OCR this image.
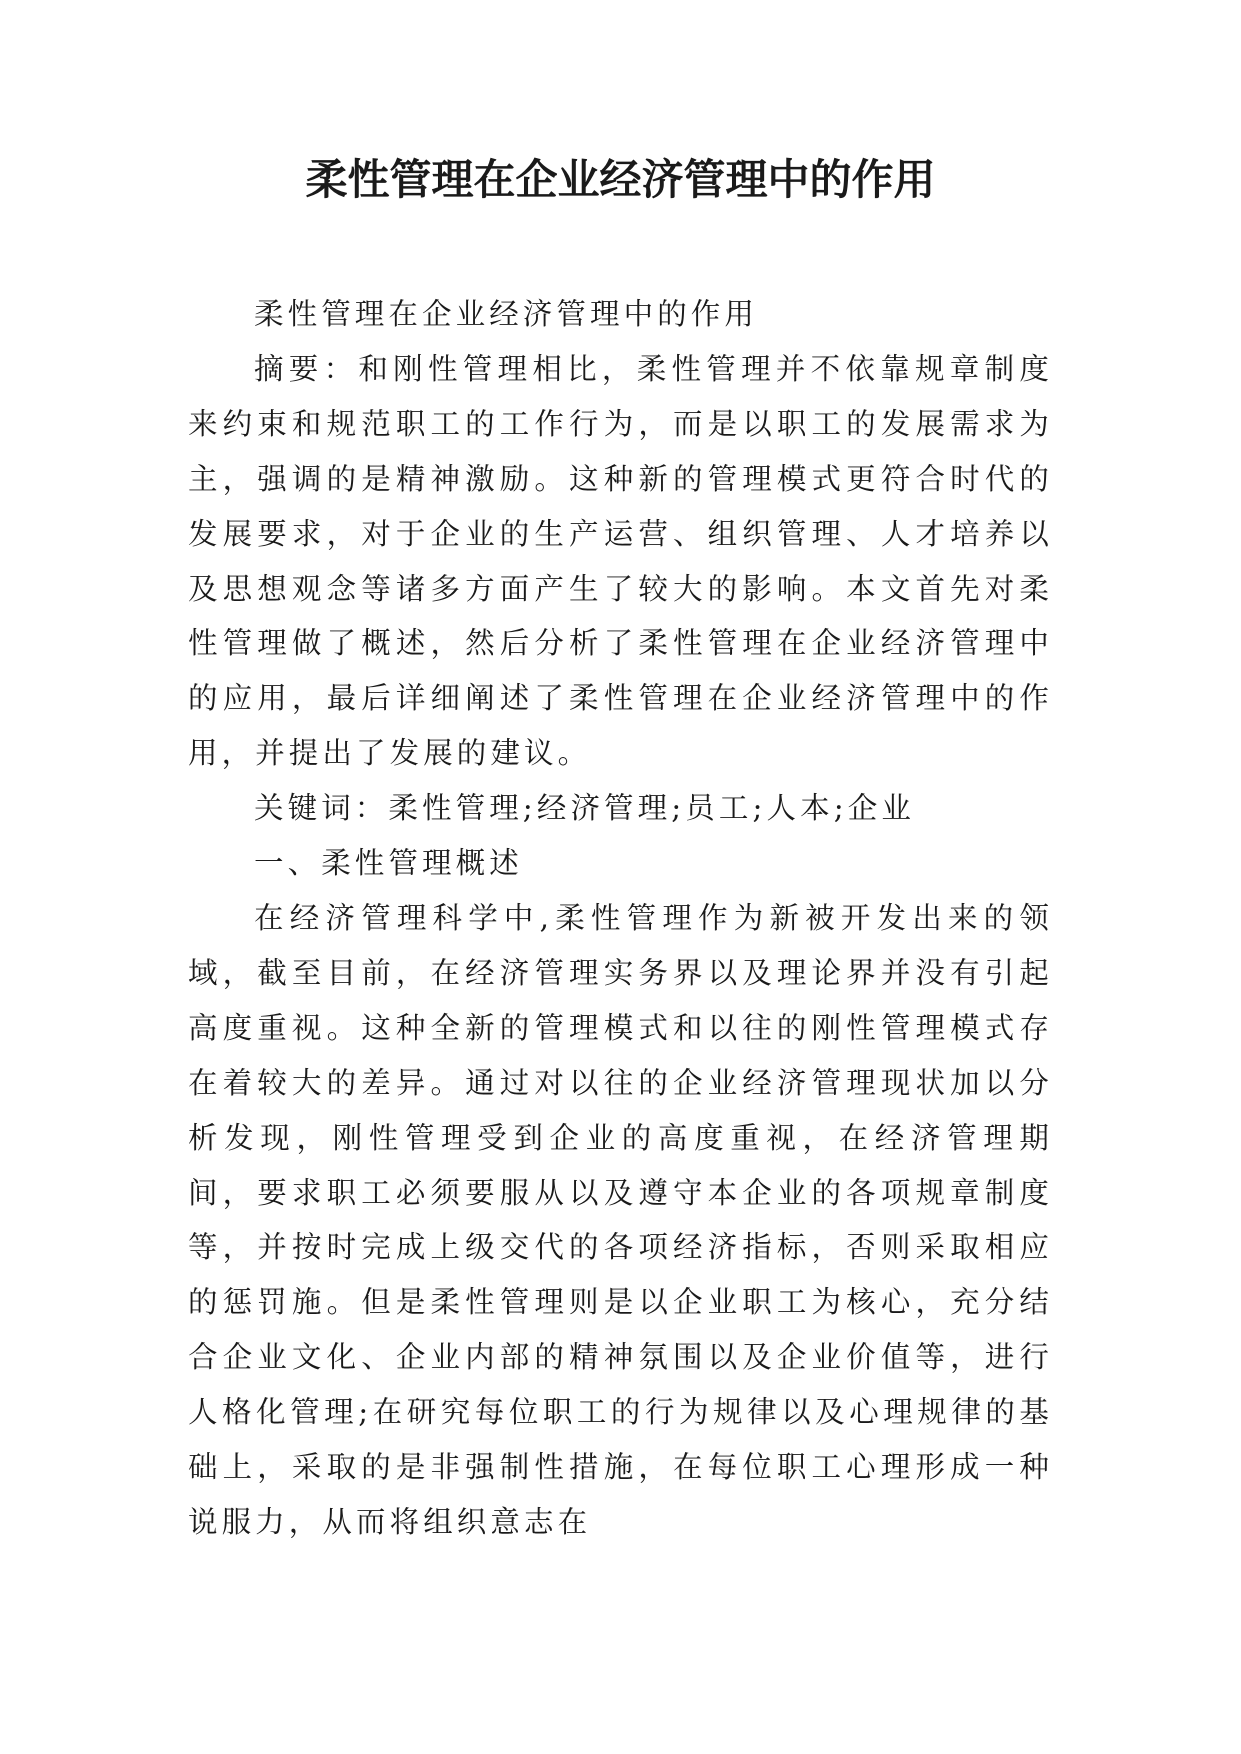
柔性管理在企业经济管理中的作用

柔性管理在企业经济管理中的作用

摘要：和刚性管理相比，柔性管理并不依靠规章制度来约束和规范职工的工作行为，而是以职工的发展需求为主，强调的是精神激励。这种新的管理模式更符合时代的发展要求，对于企业的生产运营、组织管理、人才培养以及思想观念等诸多方面产生了较大的影响。本文首先对柔性管理做了概述，然后分析了柔性管理在企业经济管理中的应用，最后详细阐述了柔性管理在企业经济管理中的作用，并提出了发展的建议。

关键词：柔性管理;经济管理;员工;人本;企业

一、柔性管理概述

在经济管理科学中,柔性管理作为新被开发出来的领域，截至目前，在经济管理实务界以及理论界并没有引起高度重视。这种全新的管理模式和以往的刚性管理模式存在着较大的差异。通过对以往的企业经济管理现状加以分析发现，刚性管理受到企业的高度重视，在经济管理期间，要求职工必须要服从以及遵守本企业的各项规章制度等，并按时完成上级交代的各项经济指标，否则采取相应的惩罚施。但是柔性管理则是以企业职工为核心，充分结合企业文化、企业内部的精神氛围以及企业价值等，进行人格化管理;在研究每位职工的行为规律以及心理规律的基础上，采取的是非强制性措施，在每位职工心理形成一种说服力，从而将组织意志在
